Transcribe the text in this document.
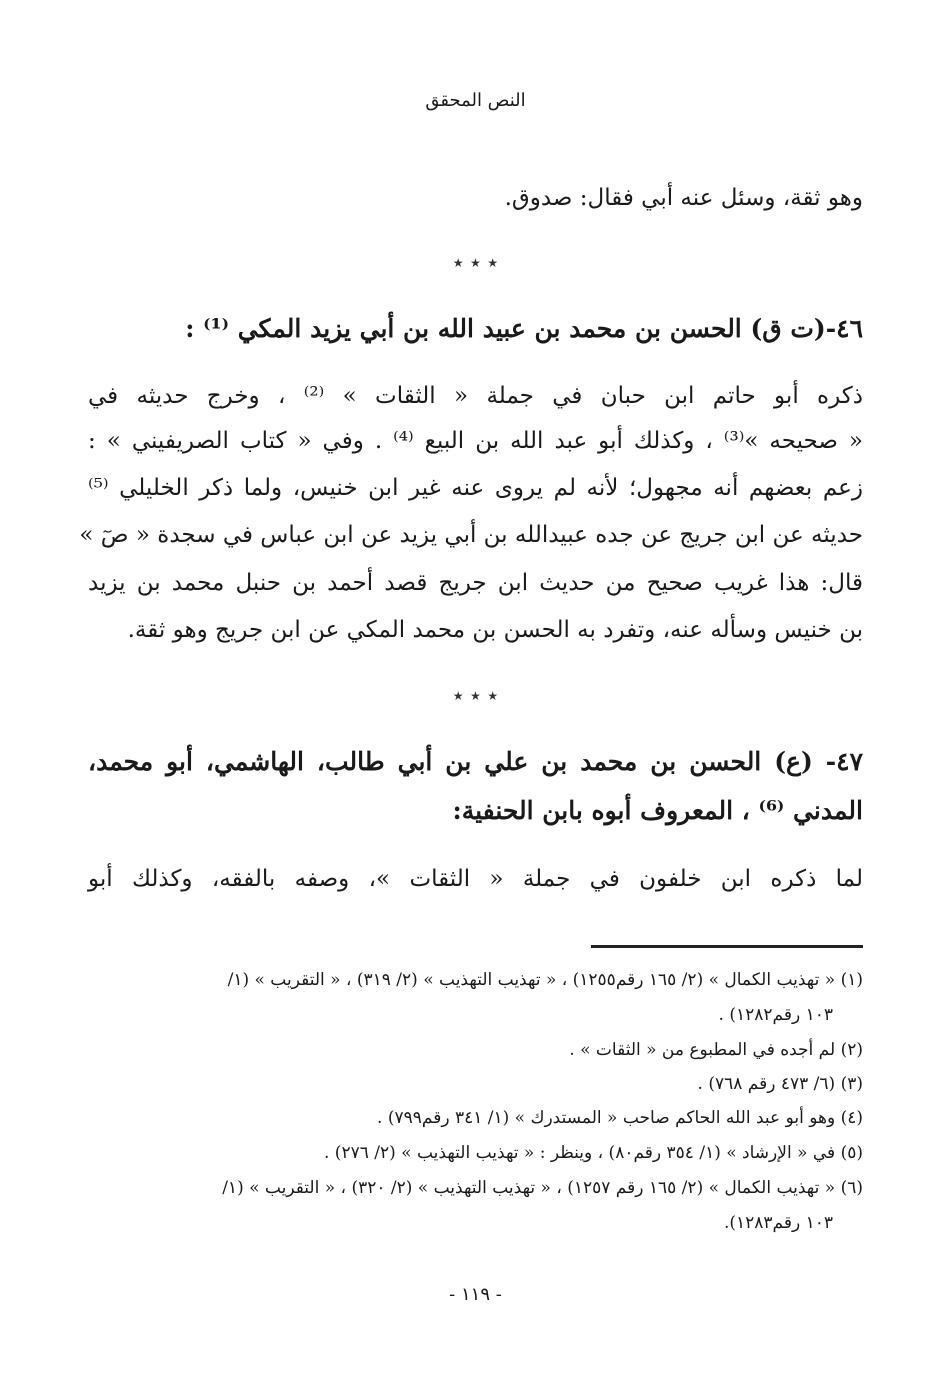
النص المحقق
وهو ثقة، وسئل عنه أبي فقال: صدوق.
٭ ٭ ٭
٤٦-(ت ق) الحسن بن محمد بن عبيد الله بن أبي يزيد المكي ⁽¹⁾ :
ذكره أبو حاتم ابن حبان في جملة « الثقات » ⁽²⁾ ، وخرج حديثه في
« صحيحه »⁽³⁾ ، وكذلك أبو عبد الله بن البيع ⁽⁴⁾ . وفي « كتاب الصريفيني » :
زعم بعضهم أنه مجهول؛ لأنه لم يروى عنه غير ابن خنيس، ولما ذكر الخليلي ⁽⁵⁾
حديثه عن ابن جريج عن جده عبيدالله بن أبي يزيد عن ابن عباس في سجدة « صٓ »
قال: هذا غريب صحيح من حديث ابن جريج قصد أحمد بن حنبل محمد بن يزيد
بن خنيس وسأله عنه، وتفرد به الحسن بن محمد المكي عن ابن جريج وهو ثقة.
٭ ٭ ٭
٤٧- (ع) الحسن بن محمد بن علي بن أبي طالب، الهاشمي، أبو محمد،
المدني ⁽⁶⁾ ، المعروف أبوه بابن الحنفية:
لما ذكره ابن خلفون في جملة « الثقات »، وصفه بالفقه، وكذلك أبو
(١) « تهذيب الكمال » (٢/ ١٦٥ رقم١٢٥٥) ، « تهذيب التهذيب » (٢/ ٣١٩) ، « التقريب » (١/
١٠٣ رقم١٢٨٢) .
(٢) لم أجده في المطبوع من « الثقات » .
(٣) (٦/ ٤٧٣ رقم ٧٦٨) .
(٤) وهو أبو عبد الله الحاكم صاحب « المستدرك » (١/ ٣٤١ رقم٧٩٩) .
(٥) في « الإرشاد » (١/ ٣٥٤ رقم٨٠) ، وينظر : « تهذيب التهذيب » (٢/ ٢٧٦) .
(٦) « تهذيب الكمال » (٢/ ١٦٥ رقم ١٢٥٧) ، « تهذيب التهذيب » (٢/ ٣٢٠) ، « التقريب » (١/
١٠٣ رقم١٢٨٣).
- ١١٩ -
